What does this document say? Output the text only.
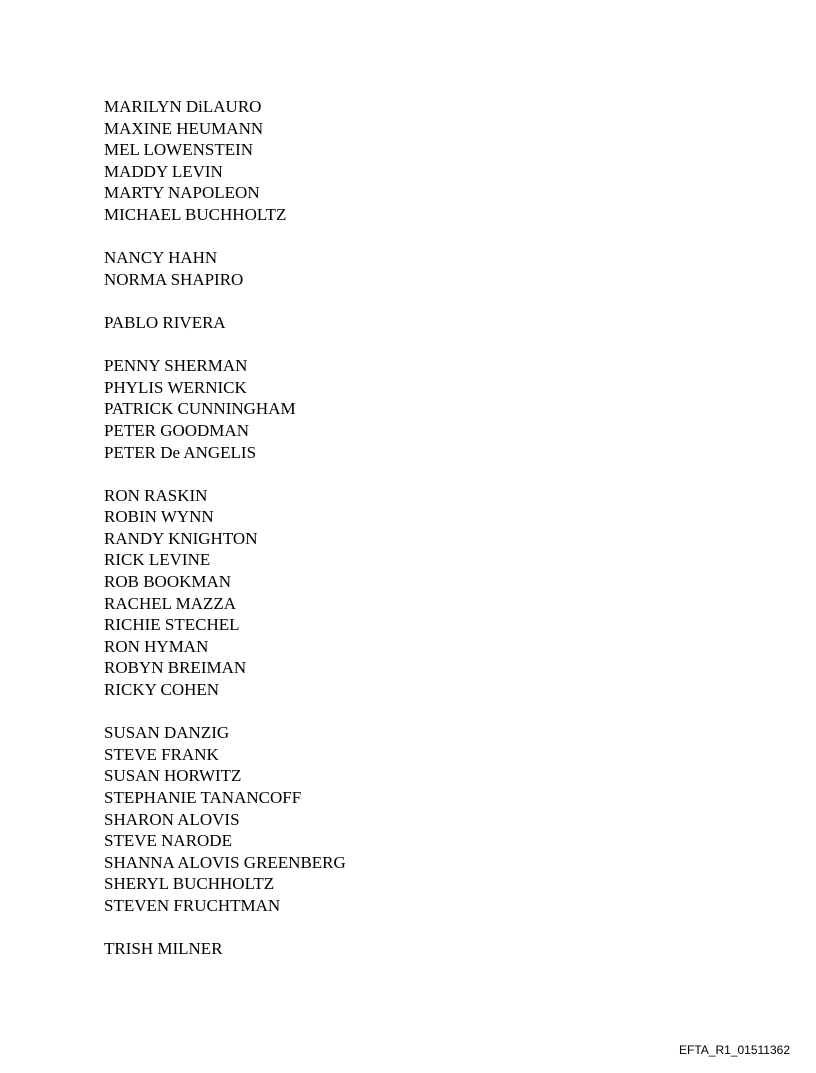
MARILYN DiLAURO
MAXINE HEUMANN
MEL LOWENSTEIN
MADDY LEVIN
MARTY NAPOLEON
MICHAEL BUCHHOLTZ
NANCY HAHN
NORMA SHAPIRO
PABLO RIVERA
PENNY SHERMAN
PHYLIS WERNICK
PATRICK CUNNINGHAM
PETER GOODMAN
PETER De ANGELIS
RON RASKIN
ROBIN WYNN
RANDY KNIGHTON
RICK LEVINE
ROB BOOKMAN
RACHEL MAZZA
RICHIE STECHEL
RON HYMAN
ROBYN BREIMAN
RICKY COHEN
SUSAN DANZIG
STEVE FRANK
SUSAN HORWITZ
STEPHANIE TANANCOFF
SHARON ALOVIS
STEVE NARODE
SHANNA ALOVIS GREENBERG
SHERYL BUCHHOLTZ
STEVEN FRUCHTMAN
TRISH MILNER
EFTA_R1_01511362
